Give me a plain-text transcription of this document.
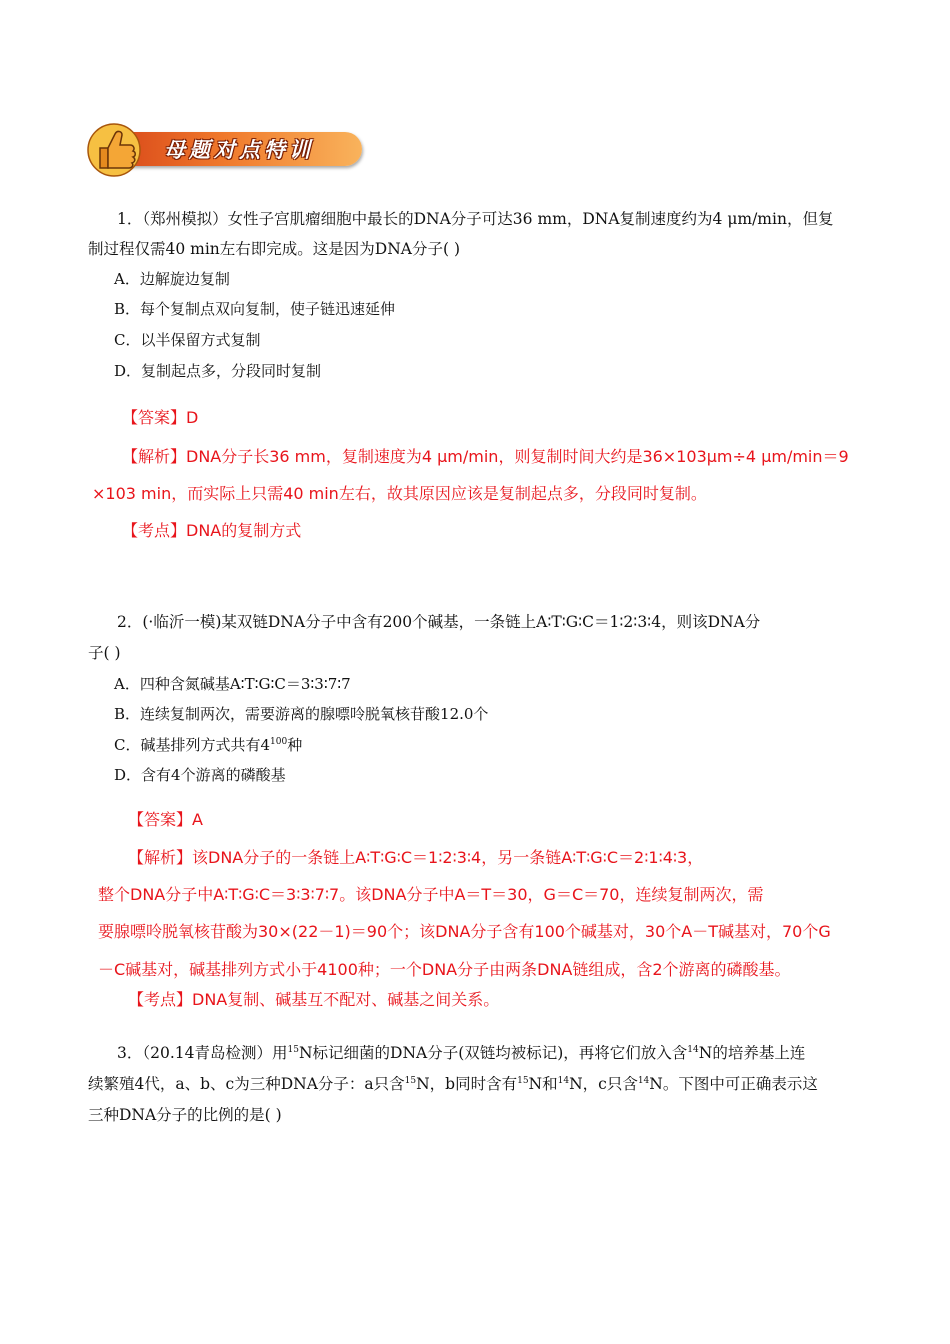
母题对点特训
1．（郑州模拟）女性子宫肌瘤细胞中最长的DNA分子可达36 mm，DNA复制速度约为4 μm/min，但复
制过程仅需40 min左右即完成。这是因为DNA分子( )
A．边解旋边复制
B．每个复制点双向复制，使子链迅速延伸
C．以半保留方式复制
D．复制起点多，分段同时复制
【答案】D
【解析】DNA分子长36 mm，复制速度为4 μm/min，则复制时间大约是36×103μm÷4 μm/min＝9
×103 min，而实际上只需40 min左右，故其原因应该是复制起点多，分段同时复制。
【考点】DNA的复制方式
2．(·临沂一模)某双链DNA分子中含有200个碱基，一条链上A∶T∶G∶C＝1∶2∶3∶4，则该DNA分
子( )
A．四种含氮碱基A∶T∶G∶C＝3∶3∶7∶7
B．连续复制两次，需要游离的腺嘌呤脱氧核苷酸12.0个
C．碱基排列方式共有$4^{100}$种
D．含有4个游离的磷酸基
【答案】A
【解析】该DNA分子的一条链上A∶T∶G∶C＝1∶2∶3∶4，另一条链A∶T∶G∶C＝2∶1∶4∶3，
整个DNA分子中A∶T∶G∶C＝3∶3∶7∶7。该DNA分子中A＝T＝30，G＝C＝70，连续复制两次，需
要腺嘌呤脱氧核苷酸为30×(22－1)＝90个；该DNA分子含有100个碱基对，30个A－T碱基对，70个G
－C碱基对，碱基排列方式小于4100种；一个DNA分子由两条DNA链组成，含2个游离的磷酸基。
【考点】DNA复制、碱基互不配对、碱基之间关系。
3．（20.14青岛检测）用$^{15}$N标记细菌的DNA分子(双链均被标记)，再将它们放入含$^{14}$N的培养基上连
续繁殖4代，a、b、c为三种DNA分子：a只含$^{15}$N，b同时含有$^{15}$N和$^{14}$N，c只含$^{14}$N。下图中可正确表示这
三种DNA分子的比例的是( )
